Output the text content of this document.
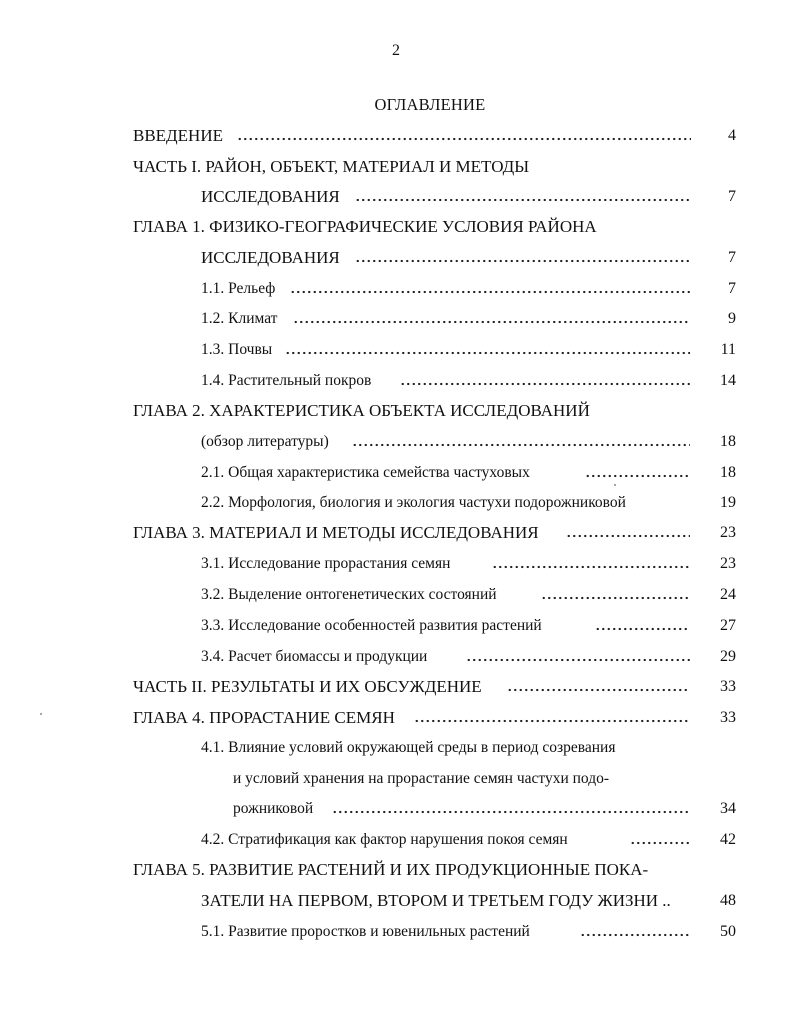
2
ОГЛАВЛЕНИЕ
ВВЕДЕНИЕ	4
ЧАСТЬ I. РАЙОН, ОБЪЕКТ, МАТЕРИАЛ И МЕТОДЫ
ИССЛЕДОВАНИЯ	7
ГЛАВА 1. ФИЗИКО-ГЕОГРАФИЧЕСКИЕ УСЛОВИЯ РАЙОНА
ИССЛЕДОВАНИЯ	7
1.1. Рельеф	7
1.2. Климат	9
1.3. Почвы	11
1.4. Растительный покров	14
ГЛАВА 2. ХАРАКТЕРИСТИКА ОБЪЕКТА ИССЛЕДОВАНИЙ
(обзор литературы)	18
2.1. Общая характеристика семейства частуховых	18
2.2. Морфология, биология и экология частухи подорожниковой	19
ГЛАВА 3. МАТЕРИАЛ И МЕТОДЫ ИССЛЕДОВАНИЯ	23
3.1. Исследование прорастания семян	23
3.2. Выделение онтогенетических состояний	24
3.3. Исследование особенностей развития растений	27
3.4. Расчет биомассы и продукции	29
ЧАСТЬ II. РЕЗУЛЬТАТЫ И ИХ ОБСУЖДЕНИЕ	33
ГЛАВА 4. ПРОРАСТАНИЕ СЕМЯН	33
4.1. Влияние условий окружающей среды в период созревания
и условий хранения на прорастание семян частухи подо-
рожниковой	34
4.2. Стратификация как фактор нарушения покоя семян	42
ГЛАВА 5. РАЗВИТИЕ РАСТЕНИЙ И ИХ ПРОДУКЦИОННЫЕ ПОКА-
ЗАТЕЛИ НА ПЕРВОМ, ВТОРОМ И ТРЕТЬЕМ ГОДУ ЖИЗНИ ..	48
5.1. Развитие проростков и ювенильных растений	50
